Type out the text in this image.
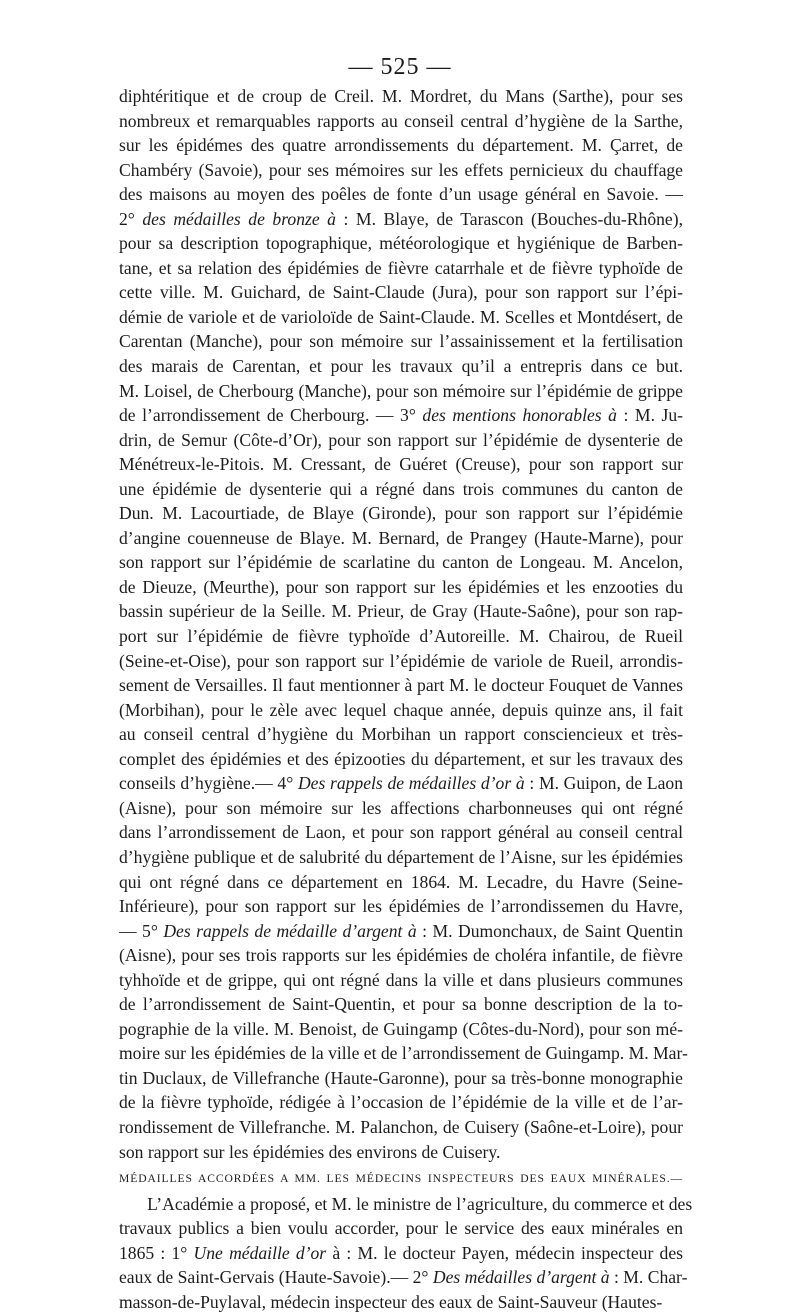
— 525 —
diphtéritique et de croup de Creil. M. Mordret, du Mans (Sarthe), pour ses
nombreux et remarquables rapports au conseil central d’hygiène de la Sarthe,
sur les épidémes des quatre arrondissements du département. M. Çarret, de
Chambéry (Savoie), pour ses mémoires sur les effets pernicieux du chauffage
des maisons au moyen des poêles de fonte d’un usage général en Savoie. —
2° des médailles de bronze à : M. Blaye, de Tarascon (Bouches-du-Rhône),
pour sa description topographique, météorologique et hygiénique de Barben-
tane, et sa relation des épidémies de fièvre catarrhale et de fièvre typhoïde de
cette ville. M. Guichard, de Saint-Claude (Jura), pour son rapport sur l’épi-
démie de variole et de varioloïde de Saint-Claude. M. Scelles et Montdésert, de
Carentan (Manche), pour son mémoire sur l’assainissement et la fertilisation
des marais de Carentan, et pour les travaux qu’il a entrepris dans ce but.
M. Loisel, de Cherbourg (Manche), pour son mémoire sur l’épidémie de grippe
de l’arrondissement de Cherbourg. — 3° des mentions honorables à : M. Ju-
drin, de Semur (Côte-d’Or), pour son rapport sur l’épidémie de dysenterie de
Ménétreux-le-Pitois. M. Cressant, de Guéret (Creuse), pour son rapport sur
une épidémie de dysenterie qui a régné dans trois communes du canton de
Dun. M. Lacourtiade, de Blaye (Gironde), pour son rapport sur l’épidémie
d’angine couenneuse de Blaye. M. Bernard, de Prangey (Haute-Marne), pour
son rapport sur l’épidémie de scarlatine du canton de Longeau. M. Ancelon,
de Dieuze, (Meurthe), pour son rapport sur les épidémies et les enzooties du
bassin supérieur de la Seille. M. Prieur, de Gray (Haute-Saône), pour son rap-
port sur l’épidémie de fièvre typhoïde d’Autoreille. M. Chairou, de Rueil
(Seine-et-Oise), pour son rapport sur l’épidémie de variole de Rueil, arrondis-
sement de Versailles. Il faut mentionner à part M. le docteur Fouquet de Vannes
(Morbihan), pour le zèle avec lequel chaque année, depuis quinze ans, il fait
au conseil central d’hygiène du Morbihan un rapport consciencieux et très-
complet des épidémies et des épizooties du département, et sur les travaux des
conseils d’hygiène.— 4° Des rappels de médailles d’or à : M. Guipon, de Laon
(Aisne), pour son mémoire sur les affections charbonneuses qui ont régné
dans l’arrondissement de Laon, et pour son rapport général au conseil central
d’hygiène publique et de salubrité du département de l’Aisne, sur les épidémies
qui ont régné dans ce département en 1864. M. Lecadre, du Havre (Seine-
Inférieure), pour son rapport sur les épidémies de l’arrondissemen du Havre,
— 5° Des rappels de médaille d’argent à : M. Dumonchaux, de Saint Quentin
(Aisne), pour ses trois rapports sur les épidémies de choléra infantile, de fièvre
tyhhoïde et de grippe, qui ont régné dans la ville et dans plusieurs communes
de l’arrondissement de Saint-Quentin, et pour sa bonne description de la to-
pographie de la ville. M. Benoist, de Guingamp (Côtes-du-Nord), pour son mé-
moire sur les épidémies de la ville et de l’arrondissement de Guingamp. M. Mar-
tin Duclaux, de Villefranche (Haute-Garonne), pour sa très-bonne monographie
de la fièvre typhoïde, rédigée à l’occasion de l’épidémie de la ville et de l’ar-
rondissement de Villefranche. M. Palanchon, de Cuisery (Saône-et-Loire), pour
son rapport sur les épidémies des environs de Cuisery.
MÉDAILLES ACCORDÉES A MM. LES MÉDECINS INSPECTEURS DES EAUX MINÉRALES.—
L’Académie a proposé, et M. le ministre de l’agriculture, du commerce et des
travaux publics a bien voulu accorder, pour le service des eaux minérales en
1865 : 1° Une médaille d’or à : M. le docteur Payen, médecin inspecteur des
eaux de Saint-Gervais (Haute-Savoie).— 2° Des médailles d’argent à : M. Char-
masson-de-Puylaval, médecin inspecteur des eaux de Saint-Sauveur (Hautes-
